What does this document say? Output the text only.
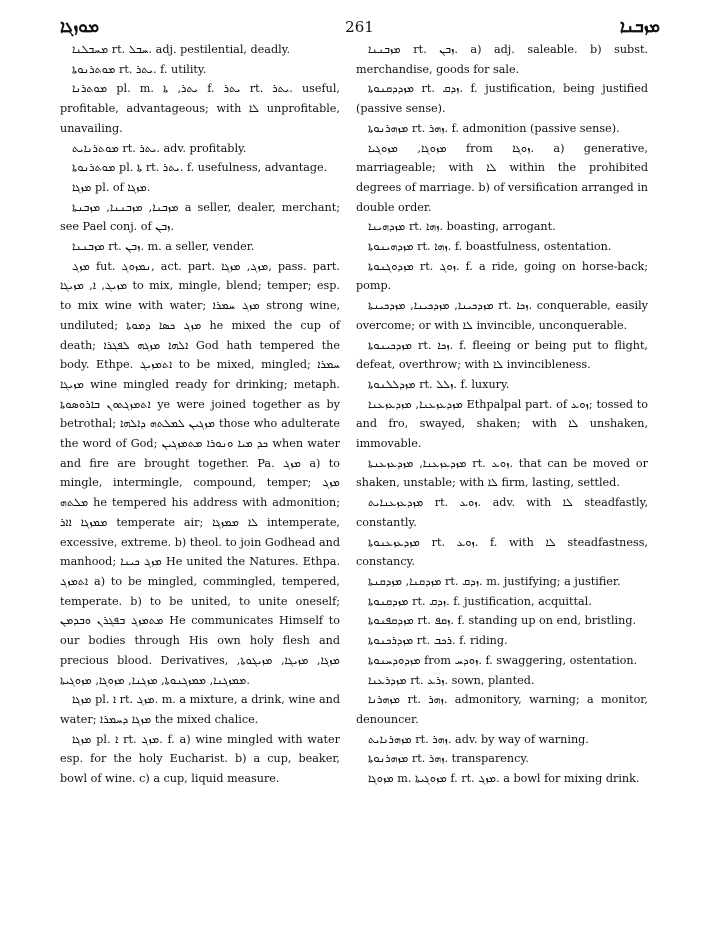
ܡܘܙܓܐ	261	ܡܙܒܢܐ

ܡܚܒܠܢܐ rt. ܚܒܠ. adj. pestilential, deadly.

ܡܘܬܪܢܘܬܐ rt. ܝܬܪ. f. utility.

ܡܘܬܪܢܐ pl. m. ܝܬܪ, ܬܐ f. ܝܬܪ rt. ܝܬܪ. useful, profitable, advantageous; with ܠܐ unprofitable, unavailing.

ܡܘܬܪܢܐܝܬ rt. ܝܬܪ. adv. profitably.

ܡܘܬܪܢܘܬܐ pl. ܬܐ rt. ܝܬܪ. f. usefulness, advantage.

ܡܙܓܐ pl. of ܡܙܓܐ.

ܡܙܒܢܐ, ܡܙܒܢܢܐ, ܡܙܒܢܬܐ a seller, dealer, merchant; see Pael conj. of ܙܒܢ.

ܡܙܒܢܢܐ rt. ܙܒܢ. m. a seller, vender.

ܡܙܓ fut. ܢܡܙܘܓ, act. part. ܡܙܓ, ܡܙܓܐ, pass. part. ܡܙܝܓ, ܐ, ܡܙܝܓܐ to mix, mingle, blend; temper; esp. to mix wine with water; ܡܙܓ ܚܡܪܐ strong wine, undiluted; ܡܙܓ ܟܣܐ ܕܡܘܬܐ he mixed the cup of death; ܐܠܗܐ ܡܙܓܗ ܠܦܓܪܐ God hath tempered the body. Ethpe. ܐܬܡܙܝܓ to be mixed, mingled; ܚܡܪܐ ܡܙܝܓܐ wine mingled ready for drinking; metaph. ܐܬܡܙܓܬܘܢ ܒܐܪܘܣܘܬܐ ye were joined together as by betrothal; ܡܙܓܝܢ ܠܡܠܬܗ ܕܐܠܗܐ those who adulterate the word of God; ܟܕ ܡܝܐ ܘܢܘܪܐ ܡܬܡܙܓܝܢ when water and fire are brought together. Pa. ܡܙܓ a) to mingle, intermingle, compound, temper; ܡܙܓ ܡܠܬܗ he tempered his address with admonition; ܡܡܙܓܐ ܐܐܪ temperate air; ܠܐ ܡܡܙܓܐ intemperate, excessive, extreme. b) theol. to join Godhead and manhood; ܡܙܓ ܟܝܢܐ He united the Natures. Ethpa. ܐܬܡܙܓ a) to be mingled, commingled, tempered, temperate. b) to be united, to unite oneself; ܡܬܡܙܓ ܒܦܓܪܢ ܘܒܕܡܢ He communicates Himself to our bodies through His own holy flesh and precious blood. Derivatives, ܡܙܓܐ, ܡܙܝܓܐ, ܡܙܝܓܘܬܐ, ܡܡܙܓܢܐ, ܡܡܙܓܢܘܬܐ, ܡܙܓܢܐ, ܡܙܘܓܐ, ܡܙܘܓܝܬܐ.

ܡܙܓܐ pl. ܐ rt. ܡܙܓ. m. a mixture, a drink, wine and water; ܡܙܓܐ ܕܚܡܪܐ the mixed chalice.

ܡܙܓܐ pl. ܐ rt. ܡܙܓ. f. a) wine mingled with water esp. for the holy Eucharist. b) a cup, beaker, bowl of wine. c) a cup, liquid measure.

ܡܙܒܢܢܐ rt. ܙܒܢ. a) adj. saleable. b) subst. merchandise, goods for sale.

ܡܙܕܕܩܢܘܬܐ rt. ܙܕܩ. f. justification, being justified (passive sense).

ܡܙܗܪܢܘܬܐ rt. ܙܗܪ. f. admonition (passive sense).

ܡܙܘܓܐ, ܡܙܘܓܝܐ from ܙܘܓܐ. a) generative, marriageable; with ܠܐ within the prohibited degrees of marriage. b) of versification arranged in double order.

ܡܙܕܗܝܢܐ rt. ܙܗܐ. boasting, arrogant.

ܡܙܕܗܝܢܘܬܐ rt. ܙܗܐ. f. boastfulness, ostentation.

ܡܙܕܘܓܢܘܬܐ rt. ܙܘܓ. f. a ride, going on horse-back; pomp.

ܡܙܕܟܝܢܐ, ܡܙܕܟܝܢܐ, ܡܙܕܟܝܢܬܐ rt. ܙܟܐ. conquerable, easily overcome; or with ܠܐ invincible, unconquerable.

ܡܙܕܟܝܢܘܬܐ rt. ܙܟܐ. f. fleeing or being put to flight, defeat, overthrow; with ܠܐ invincibleness.

ܡܙܕܠܠܢܘܬܐ rt. ܙܠܠ. f. luxury.

ܡܙܕܥܙܥܢܐ, ܡܙܕܥܙܥܢܐ Ethpalpal part. of ܙܘܥ; tossed to and fro, swayed, shaken; with ܠܐ unshaken, immovable.

ܡܙܕܥܙܥܢܐ, ܡܙܕܥܙܥܢܬܐ rt. ܙܘܥ. that can be moved or shaken, unstable; with ܠܐ firm, lasting, settled.

ܡܙܕܥܙܥܢܐܝܬ rt. ܙܘܥ. adv. with ܠܐ steadfastly, constantly.

ܡܙܕܥܙܥܢܘܬܐ rt. ܙܘܥ. f. with ܠܐ steadfastness, constancy.

ܡܙܕܩܢܐ, ܡܙܕܩܢܬܐ rt. ܙܕܩ. m. justifying; a justifier.

ܡܙܕܩܢܘܬܐ rt. ܙܕܩ. f. justification, acquittal.

ܡܙܕܩܦܢܘܬܐ rt. ܙܩܦ. f. standing up on end, bristling.

ܡܙܕܪܟܢܘܬܐ rt. ܪܟܒ. f. riding.

ܡܙܕܘܕܚܢܘܬܐ from ܙܘܕܚ. f. swaggering, ostentation.

ܡܙܕܪܥܢܐ rt. ܙܪܥ. sown, planted.

ܡܙܗܪܢܐ rt. ܙܗܪ. admonitory, warning; a monitor, denouncer.

ܡܙܗܪܢܐܝܬ rt. ܙܗܪ. adv. by way of warning.

ܡܙܗܪܢܘܬܐ rt. ܙܗܪ. transparency.

ܡܙܘܓܐ m. ܡܙܘܓܝܬܐ f. rt. ܡܙܓ. a bowl for mixing drink.
